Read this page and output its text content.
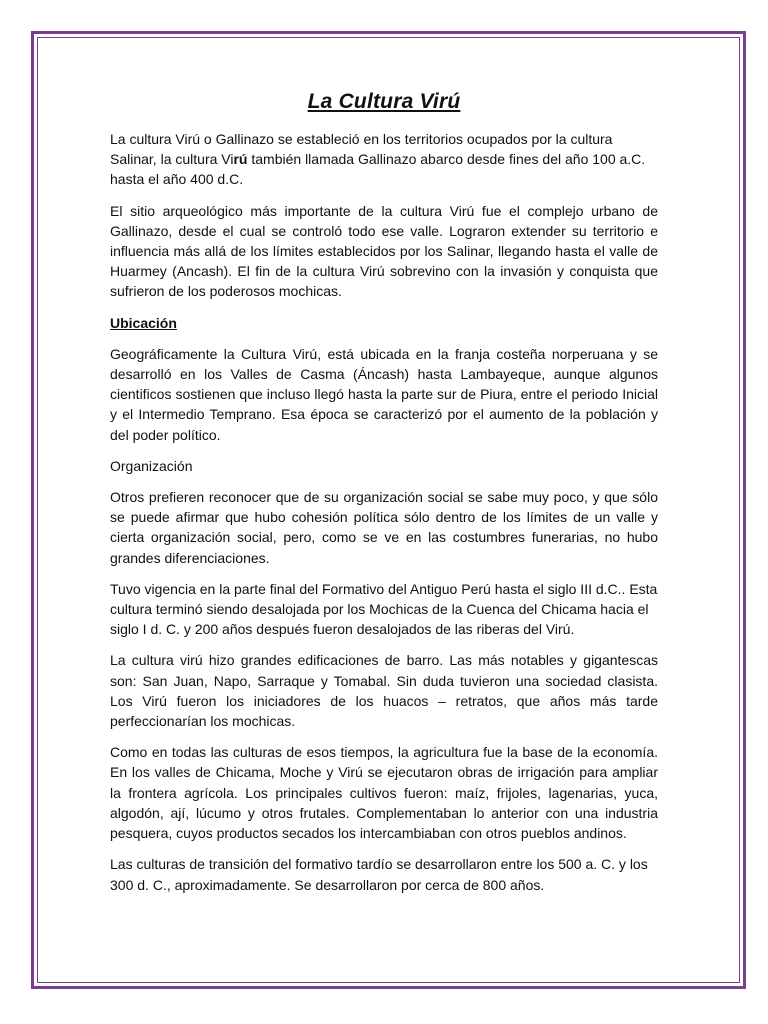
La Cultura Virú

La cultura Virú o Gallinazo se estableció en los territorios ocupados por la cultura Salinar, la cultura Virú también llamada Gallinazo abarco desde fines del año 100 a.C. hasta el año 400 d.C.

El sitio arqueológico más importante de la cultura Virú fue el complejo urbano de Gallinazo, desde el cual se controló todo ese valle. Lograron extender su territorio e influencia más allá de los límites establecidos por los Salinar, llegando hasta el valle de Huarmey (Ancash). El fin de la cultura Virú sobrevino con la invasión y conquista que sufrieron de los poderosos mochicas.

Ubicación

Geográficamente la Cultura Virú, está ubicada en la franja costeña norperuana y se desarrolló en los Valles de Casma (Áncash) hasta Lambayeque, aunque algunos cientificos sostienen que incluso llegó hasta la parte sur de Piura, entre el periodo Inicial y el Intermedio Temprano. Esa época se caracterizó por el aumento de la población y del poder político.

Organización

Otros prefieren reconocer que de su organización social se sabe muy poco, y que sólo se puede afirmar que hubo cohesión política sólo dentro de los límites de un valle y cierta organización social, pero, como se ve en las costumbres funerarias, no hubo grandes diferenciaciones.

Tuvo vigencia en la parte final del Formativo del Antiguo Perú hasta el siglo III d.C.. Esta cultura terminó siendo desalojada por los Mochicas de la Cuenca del Chicama hacia el siglo I d. C. y 200 años después fueron desalojados de las riberas del Virú.

La cultura virú hizo grandes edificaciones de barro. Las más notables y gigantescas son: San Juan, Napo, Sarraque y Tomabal. Sin duda tuvieron una sociedad clasista. Los Virú fueron los iniciadores de los huacos – retratos, que años más tarde perfeccionarían los mochicas.

Como en todas las culturas de esos tiempos, la agricultura fue la base de la economía. En los valles de Chicama, Moche y Virú se ejecutaron obras de irrigación para ampliar la frontera agrícola. Los principales cultivos fueron: maíz, frijoles, lagenarias, yuca, algodón, ají, lúcumo y otros frutales. Complementaban lo anterior con una industria pesquera, cuyos productos secados los intercambiaban con otros pueblos andinos.

Las culturas de transición del formativo tardío se desarrollaron entre los 500 a. C. y los 300 d. C., aproximadamente. Se desarrollaron por cerca de 800 años.
